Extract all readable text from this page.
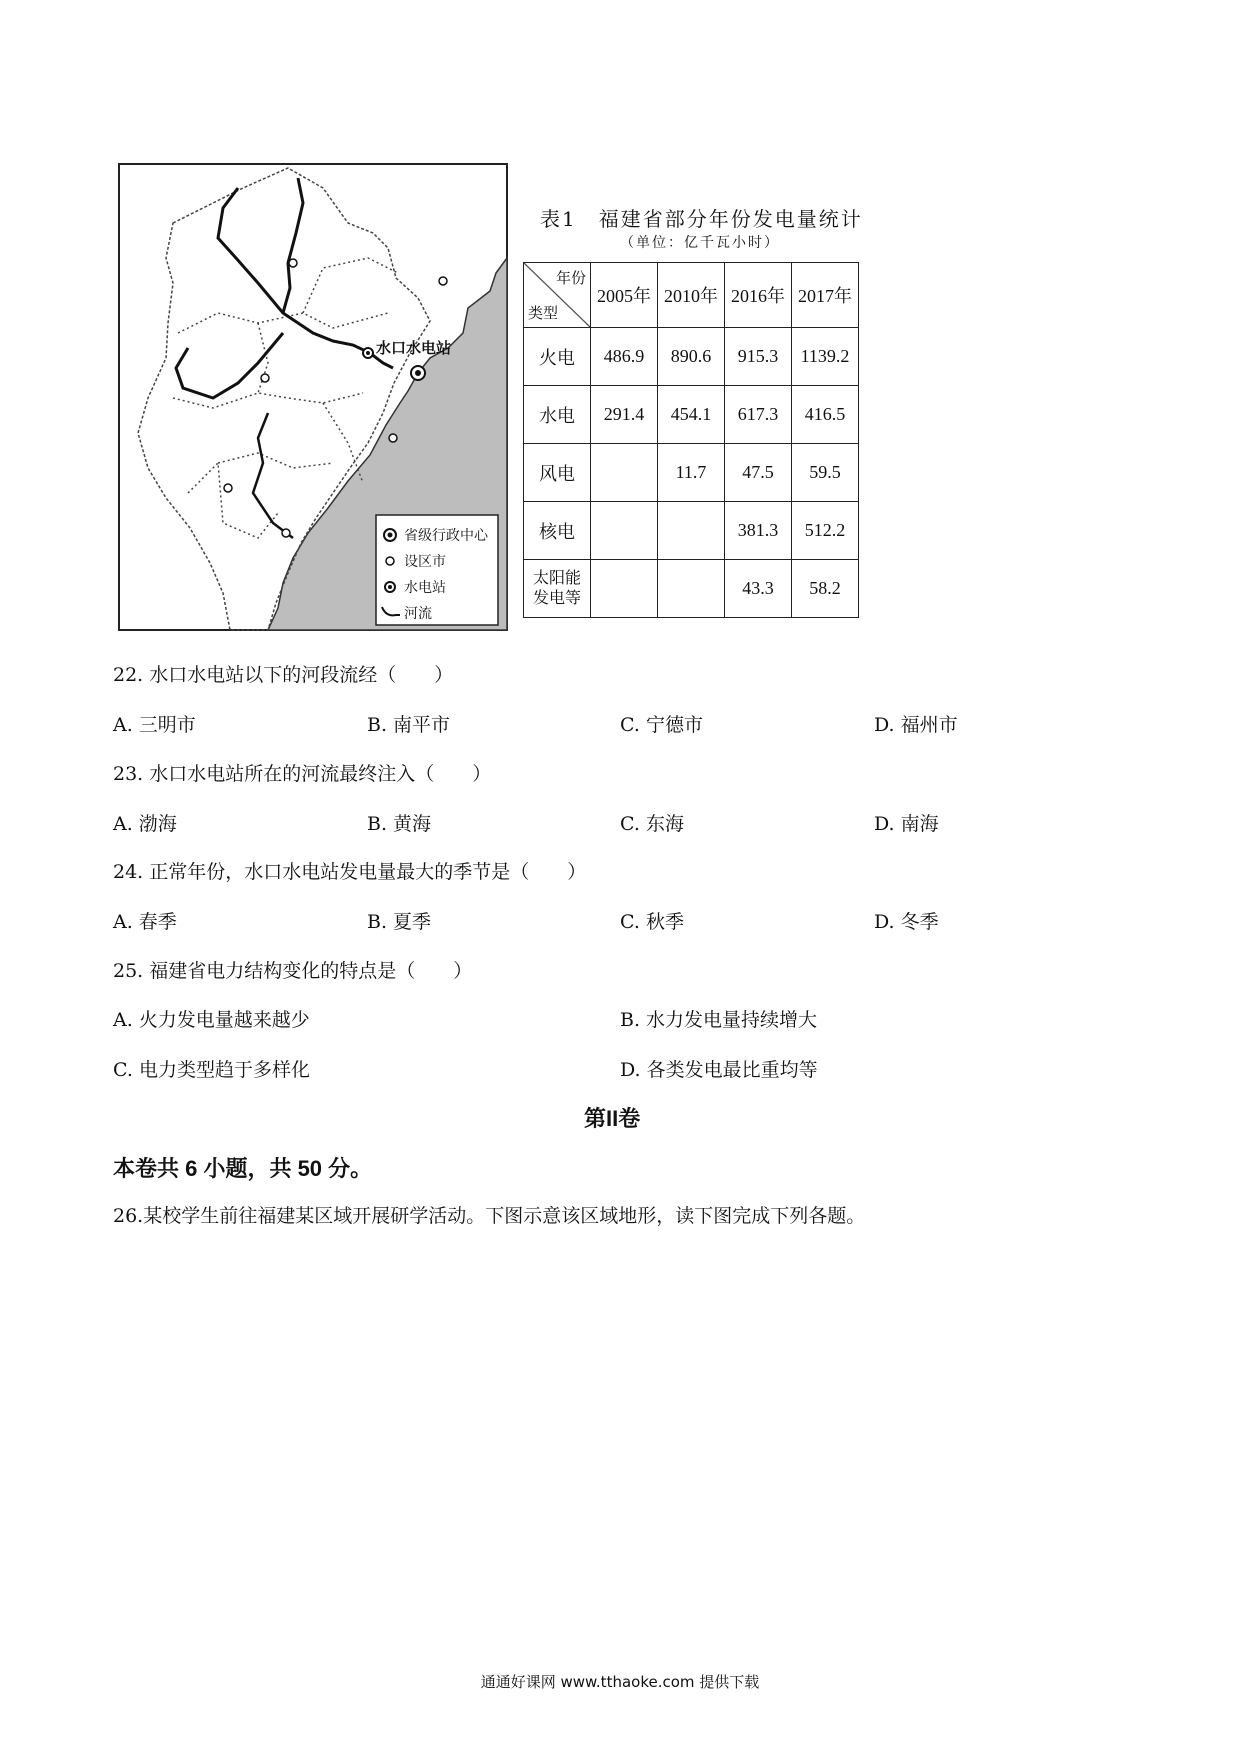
水口水电站
省级行政中心
设区市
水电站
河流
表1　福建省部分年份发电量统计
（单位：亿千瓦小时）
年份
类型	2005年	2010年	2016年	2017年
火电	486.9	890.6	915.3	1139.2
水电	291.4	454.1	617.3	416.5
风电		11.7	47.5	59.5
核电			381.3	512.2
太阳能发电等			43.3	58.2
22. 水口水电站以下的河段流经（　　）
A. 三明市	B. 南平市	C. 宁德市	D. 福州市
23. 水口水电站所在的河流最终注入（　　）
A. 渤海	B. 黄海	C. 东海	D. 南海
24. 正常年份，水口水电站发电量最大的季节是（　　）
A. 春季	B. 夏季	C. 秋季	D. 冬季
25. 福建省电力结构变化的特点是（　　）
A. 火力发电量越来越少	B. 水力发电量持续增大
C. 电力类型趋于多样化	D. 各类发电最比重均等
第II卷
本卷共 6 小题，共 50 分。
26.某校学生前往福建某区域开展研学活动。下图示意该区域地形，读下图完成下列各题。
通通好课网 www.tthaoke.com 提供下载
